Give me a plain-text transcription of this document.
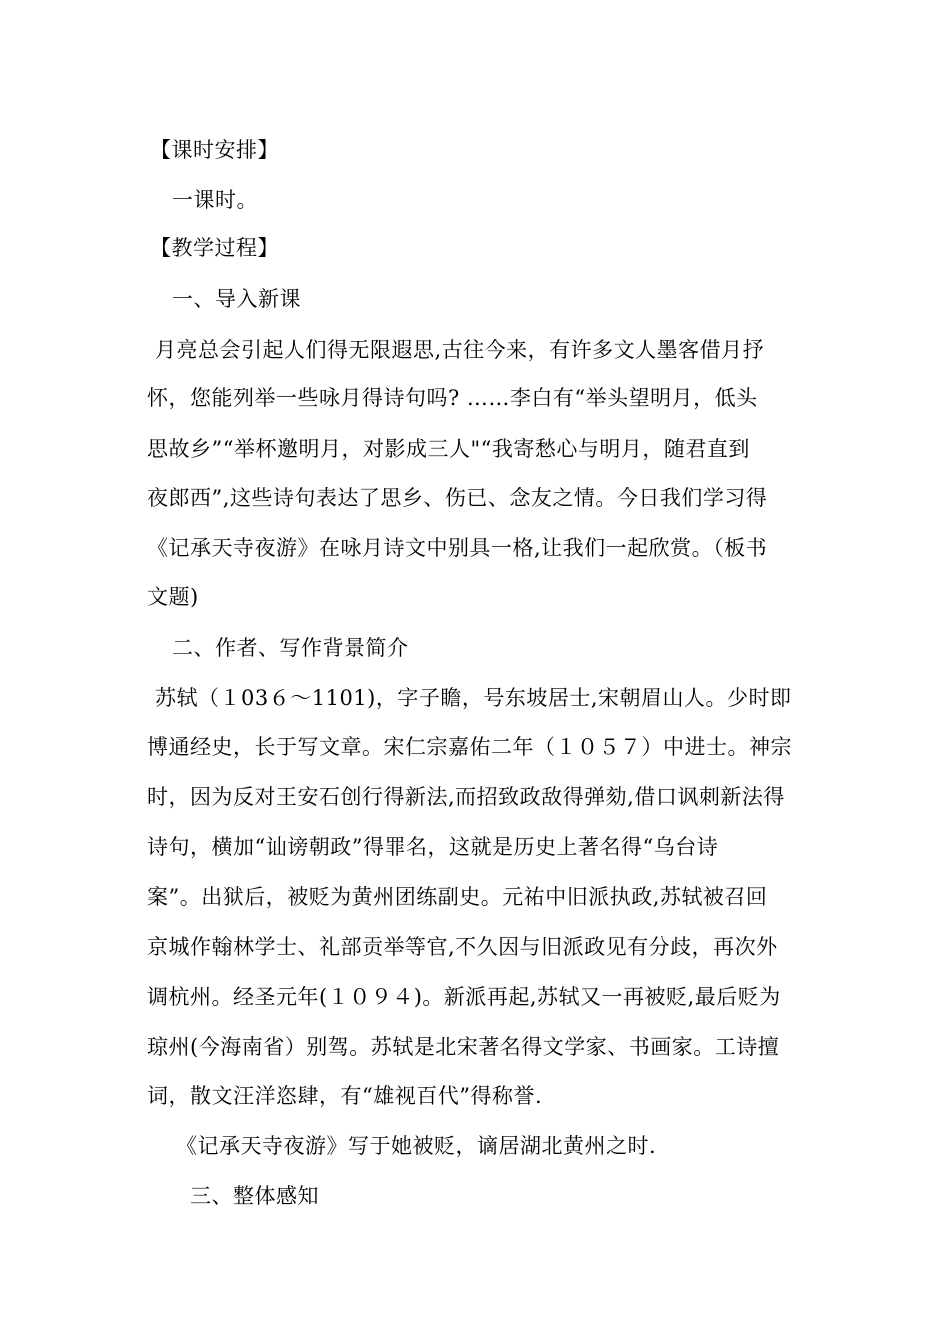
【课时安排】
一课时。
【教学过程】
一、导入新课
月亮总会引起人们得无限遐思,古往今来，有许多文人墨客借月抒
怀，您能列举一些咏月得诗句吗? ……李白有“举头望明月，低头
思故乡”“举杯邀明月，对影成三人"“我寄愁心与明月，随君直到
夜郎西”,这些诗句表达了思乡、伤已、念友之情。今日我们学习得
《记承天寺夜游》在咏月诗文中别具一格,让我们一起欣赏。（板书
文题)
二、作者、写作背景简介
苏轼（１03６～1101)，字子瞻，号东坡居士,宋朝眉山人。少时即
博通经史，长于写文章。宋仁宗嘉佑二年（１０５７）中进士。神宗
时，因为反对王安石创行得新法,而招致政敌得弹劾,借口讽刺新法得
诗句，横加“讪谤朝政”得罪名，这就是历史上著名得“乌台诗
案”。出狱后，被贬为黄州团练副史。元祐中旧派执政,苏轼被召回
京城作翰林学士、礼部贡举等官,不久因与旧派政见有分歧，再次外
调杭州。经圣元年(１０９４)。新派再起,苏轼又一再被贬,最后贬为
琼州(今海南省）别驾。苏轼是北宋著名得文学家、书画家。工诗擅
词，散文汪洋恣肆，有“雄视百代”得称誉.
《记承天寺夜游》写于她被贬，谪居湖北黄州之时.
三、整体感知
